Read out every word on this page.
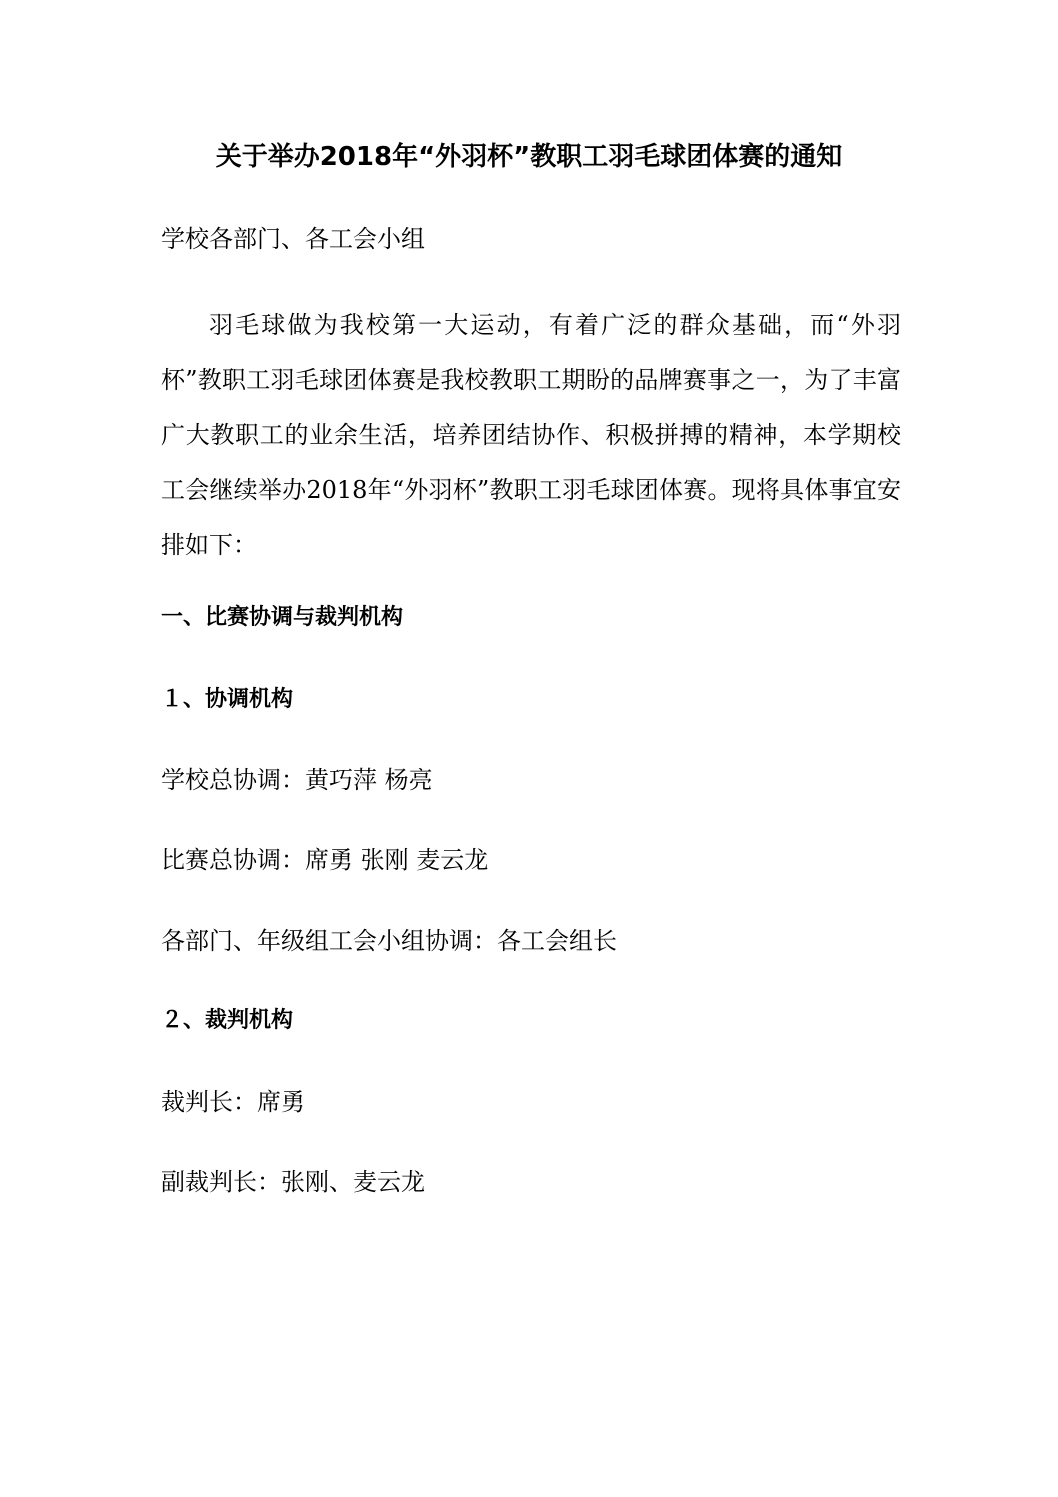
关于举办2018年“外羽杯”教职工羽毛球团体赛的通知

学校各部门、各工会小组

羽毛球做为我校第一大运动，有着广泛的群众基础，而“外羽杯”教职工羽毛球团体赛是我校教职工期盼的品牌赛事之一，为了丰富广大教职工的业余生活，培养团结协作、积极拼搏的精神，本学期校工会继续举办2018年“外羽杯”教职工羽毛球团体赛。现将具体事宜安排如下：

一、比赛协调与裁判机构

１、协调机构

学校总协调：黄巧萍 杨亮

比赛总协调：席勇 张刚 麦云龙

各部门、年级组工会小组协调：各工会组长

２、裁判机构

裁判长：席勇

副裁判长：张刚、麦云龙
